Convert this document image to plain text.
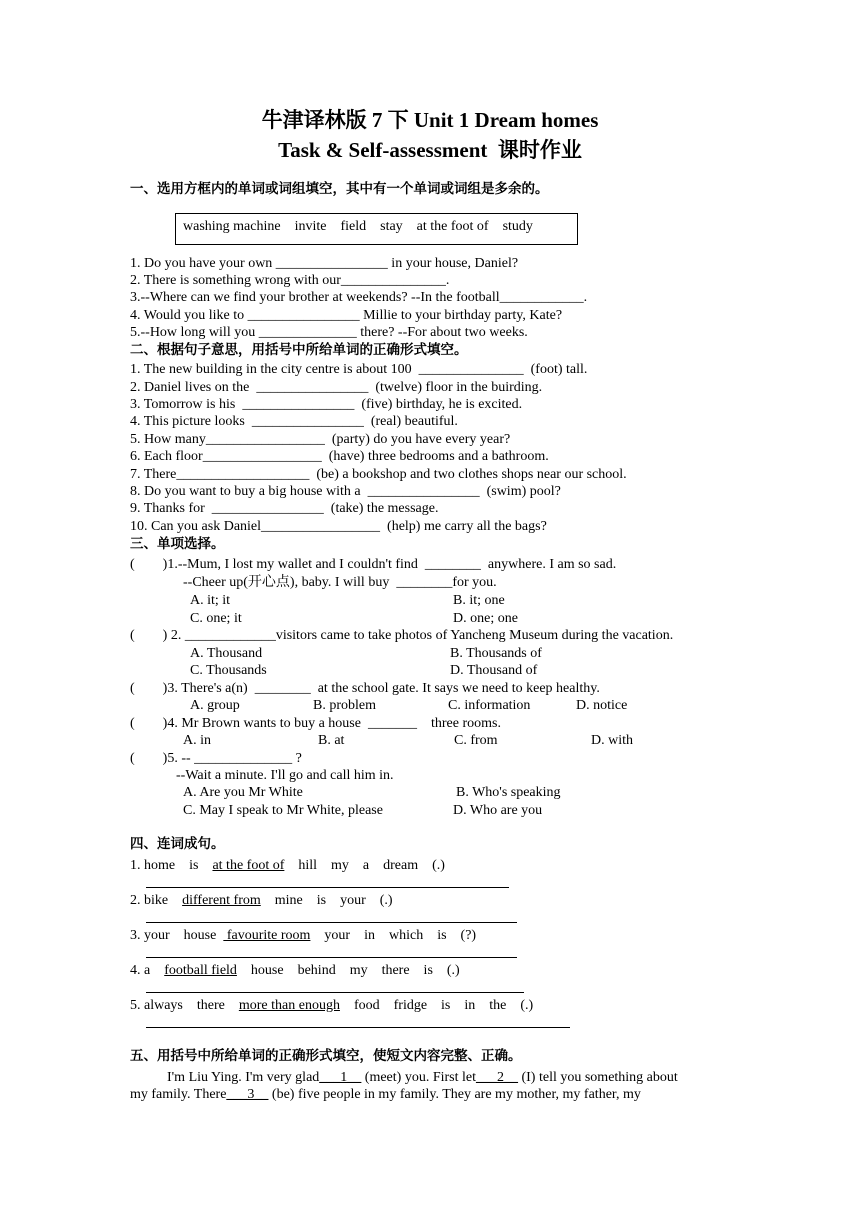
牛津译林版 7 下 Unit 1 Dream homes
Task & Self-assessment  课时作业
一、选用方框内的单词或词组填空，其中有一个单词或词组是多余的。
washing machine    invite    field    stay    at the foot of    study
1. Do you have your own ________________ in your house, Daniel?
2. There is something wrong with our_______________.
3.--Where can we find your brother at weekends? --In the football____________.
4. Would you like to ________________ Millie to your birthday party, Kate?
5.--How long will you ______________ there? --For about two weeks.
二、根据句子意思，用括号中所给单词的正确形式填空。
1. The new building in the city centre is about 100  _______________  (foot) tall.
2. Daniel lives on the  ________________  (twelve) floor in the buirding.
3. Tomorrow is his  ________________  (five) birthday, he is excited.
4. This picture looks  ________________  (real) beautiful.
5. How many_________________  (party) do you have every year?
6. Each floor_________________  (have) three bedrooms and a bathroom.
7. There___________________  (be) a bookshop and two clothes shops near our school.
8. Do you want to buy a big house with a  ________________  (swim) pool?
9. Thanks for  ________________  (take) the message.
10. Can you ask Daniel_________________  (help) me carry all the bags?
三、单项选择。
(        )1.--Mum, I lost my wallet and I couldn't find  ________  anywhere. I am so sad.
--Cheer up(开心点), baby. I will buy  ________for you.
A. it; it	B. it; one
C. one; it	D. one; one
(        ) 2. _____________visitors came to take photos of Yancheng Museum during the vacation.
A. Thousand	B. Thousands of
C. Thousands	D. Thousand of
(        )3. There's a(n)  ________  at the school gate. It says we need to keep healthy.
A. group	B. problem	C. information	D. notice
(        )4. Mr Brown wants to buy a house  _______    three rooms.
A. in	B. at	C. from	D. with
(        )5. -- ______________ ?
--Wait a minute. I'll go and call him in.
A. Are you Mr White	B. Who's speaking
C. May I speak to Mr White, please	D. Who are you
四、连词成句。
1. home    is    at the foot of    hill    my    a    dream    (.)
2. bike    different from    mine    is    your    (.)
3. your    house   favourite room    your    in    which    is    (?)
4. a    football field    house    behind    my    there    is    (.)
5. always    there    more than enough    food    fridge    is    in    the    (.)
五、用括号中所给单词的正确形式填空，使短文内容完整、正确。
I'm Liu Ying. I'm very glad___1__ (meet) you. First let___2__ (I) tell you something about
my family. There___3__ (be) five people in my family. They are my mother, my father, my
